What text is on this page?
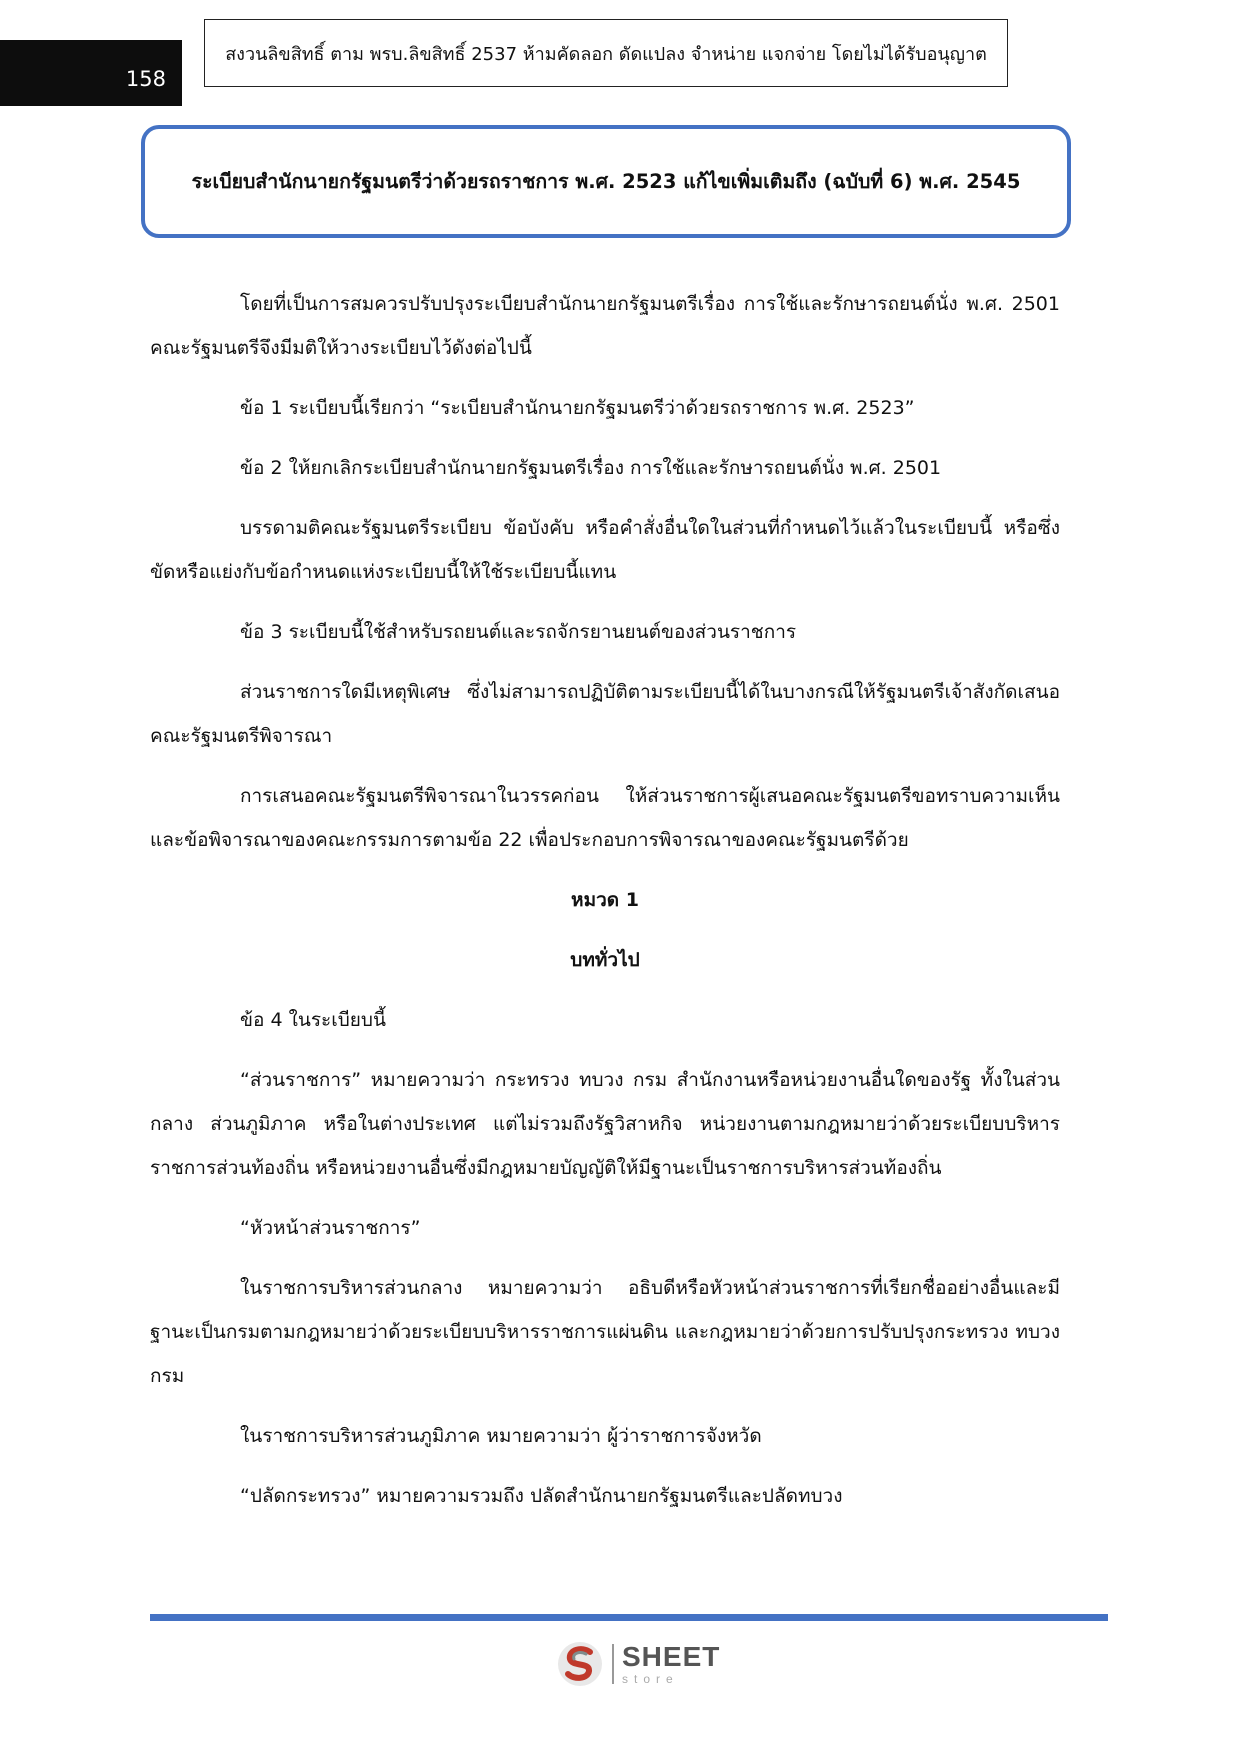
158
สงวนลิขสิทธิ์ ตาม พรบ.ลิขสิทธิ์ 2537 ห้ามคัดลอก ดัดแปลง จำหน่าย แจกจ่าย โดยไม่ได้รับอนุญาต
ระเบียบสำนักนายกรัฐมนตรีว่าด้วยรถราชการ พ.ศ. 2523 แก้ไขเพิ่มเติมถึง (ฉบับที่ 6) พ.ศ. 2545

โดยที่เป็นการสมควรปรับปรุงระเบียบสำนักนายกรัฐมนตรีเรื่อง การใช้และรักษารถยนต์นั่ง พ.ศ. 2501 คณะรัฐมนตรีจึงมีมติให้วางระเบียบไว้ดังต่อไปนี้

ข้อ 1 ระเบียบนี้เรียกว่า “ระเบียบสำนักนายกรัฐมนตรีว่าด้วยรถราชการ พ.ศ. 2523”

ข้อ 2 ให้ยกเลิกระเบียบสำนักนายกรัฐมนตรีเรื่อง การใช้และรักษารถยนต์นั่ง พ.ศ. 2501

บรรดามติคณะรัฐมนตรีระเบียบ ข้อบังคับ หรือคำสั่งอื่นใดในส่วนที่กำหนดไว้แล้วในระเบียบนี้ หรือซึ่งขัดหรือแย่งกับข้อกำหนดแห่งระเบียบนี้ให้ใช้ระเบียบนี้แทน

ข้อ 3 ระเบียบนี้ใช้สำหรับรถยนต์และรถจักรยานยนต์ของส่วนราชการ

ส่วนราชการใดมีเหตุพิเศษ ซึ่งไม่สามารถปฏิบัติตามระเบียบนี้ได้ในบางกรณีให้รัฐมนตรีเจ้าสังกัดเสนอคณะรัฐมนตรีพิจารณา

การเสนอคณะรัฐมนตรีพิจารณาในวรรคก่อน ให้ส่วนราชการผู้เสนอคณะรัฐมนตรีขอทราบความเห็น และข้อพิจารณาของคณะกรรมการตามข้อ 22 เพื่อประกอบการพิจารณาของคณะรัฐมนตรีด้วย

หมวด 1

บททั่วไป

ข้อ 4 ในระเบียบนี้

“ส่วนราชการ” หมายความว่า กระทรวง ทบวง กรม สำนักงานหรือหน่วยงานอื่นใดของรัฐ ทั้งในส่วนกลาง ส่วนภูมิภาค หรือในต่างประเทศ แต่ไม่รวมถึงรัฐวิสาหกิจ หน่วยงานตามกฎหมายว่าด้วยระเบียบบริหารราชการส่วนท้องถิ่น หรือหน่วยงานอื่นซึ่งมีกฎหมายบัญญัติให้มีฐานะเป็นราชการบริหารส่วนท้องถิ่น

“หัวหน้าส่วนราชการ”

ในราชการบริหารส่วนกลาง หมายความว่า อธิบดีหรือหัวหน้าส่วนราชการที่เรียกชื่ออย่างอื่นและมีฐานะเป็นกรมตามกฎหมายว่าด้วยระเบียบบริหารราชการแผ่นดิน และกฎหมายว่าด้วยการปรับปรุงกระทรวง ทบวง กรม

ในราชการบริหารส่วนภูมิภาค หมายความว่า ผู้ว่าราชการจังหวัด

“ปลัดกระทรวง” หมายความรวมถึง ปลัดสำนักนายกรัฐมนตรีและปลัดทบวง

SHEET
store
